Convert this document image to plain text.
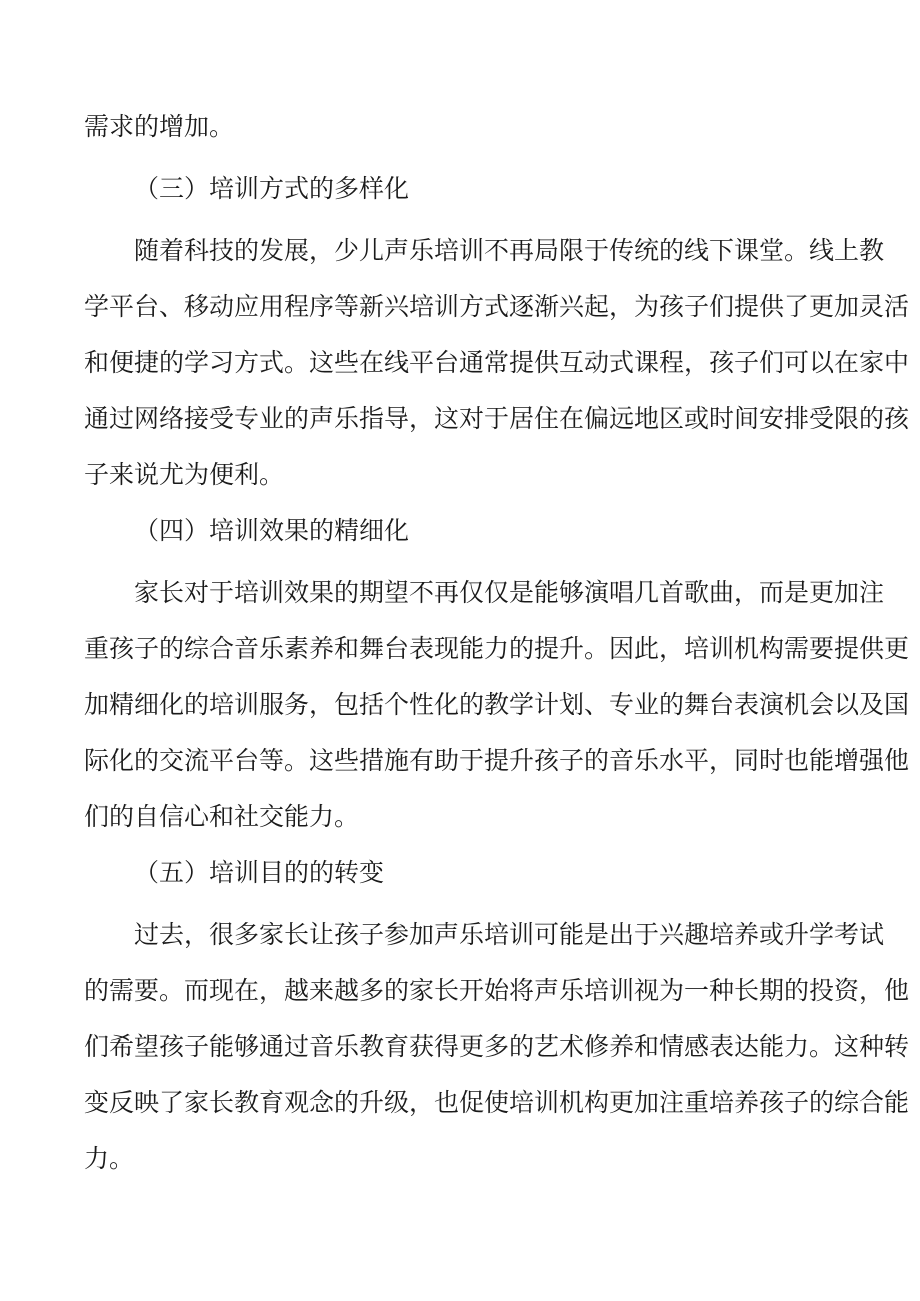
需求的增加。
（三）培训方式的多样化
随着科技的发展，少儿声乐培训不再局限于传统的线下课堂。线上教
学平台、移动应用程序等新兴培训方式逐渐兴起，为孩子们提供了更加灵活
和便捷的学习方式。这些在线平台通常提供互动式课程，孩子们可以在家中
通过网络接受专业的声乐指导，这对于居住在偏远地区或时间安排受限的孩
子来说尤为便利。
（四）培训效果的精细化
家长对于培训效果的期望不再仅仅是能够演唱几首歌曲，而是更加注
重孩子的综合音乐素养和舞台表现能力的提升。因此，培训机构需要提供更
加精细化的培训服务，包括个性化的教学计划、专业的舞台表演机会以及国
际化的交流平台等。这些措施有助于提升孩子的音乐水平，同时也能增强他
们的自信心和社交能力。
（五）培训目的的转变
过去，很多家长让孩子参加声乐培训可能是出于兴趣培养或升学考试
的需要。而现在，越来越多的家长开始将声乐培训视为一种长期的投资，他
们希望孩子能够通过音乐教育获得更多的艺术修养和情感表达能力。这种转
变反映了家长教育观念的升级，也促使培训机构更加注重培养孩子的综合能
力。
